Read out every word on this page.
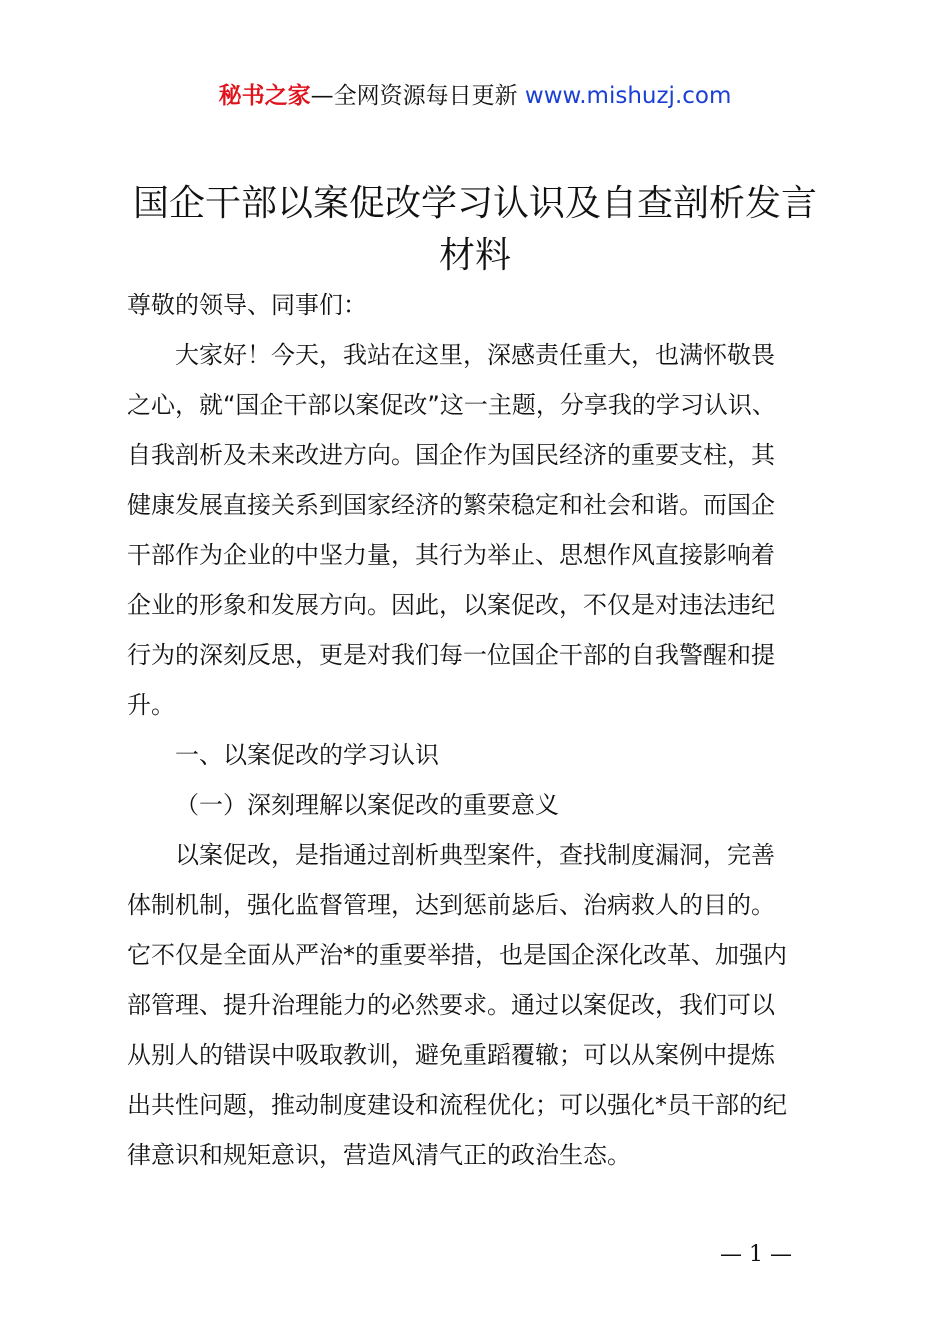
秘书之家—全网资源每日更新 www.mishuzj.com
国企干部以案促改学习认识及自查剖析发言
材料

尊敬的领导、同事们：

大家好！今天，我站在这里，深感责任重大，也满怀敬畏
之心，就“国企干部以案促改”这一主题，分享我的学习认识、
自我剖析及未来改进方向。国企作为国民经济的重要支柱，其
健康发展直接关系到国家经济的繁荣稳定和社会和谐。而国企
干部作为企业的中坚力量，其行为举止、思想作风直接影响着
企业的形象和发展方向。因此，以案促改，不仅是对违法违纪
行为的深刻反思，更是对我们每一位国企干部的自我警醒和提
升。

一、以案促改的学习认识

（一）深刻理解以案促改的重要意义

以案促改，是指通过剖析典型案件，查找制度漏洞，完善
体制机制，强化监督管理，达到惩前毖后、治病救人的目的。
它不仅是全面从严治*的重要举措，也是国企深化改革、加强内
部管理、提升治理能力的必然要求。通过以案促改，我们可以
从别人的错误中吸取教训，避免重蹈覆辙；可以从案例中提炼
出共性问题，推动制度建设和流程优化；可以强化*员干部的纪
律意识和规矩意识，营造风清气正的政治生态。

— 1 —
